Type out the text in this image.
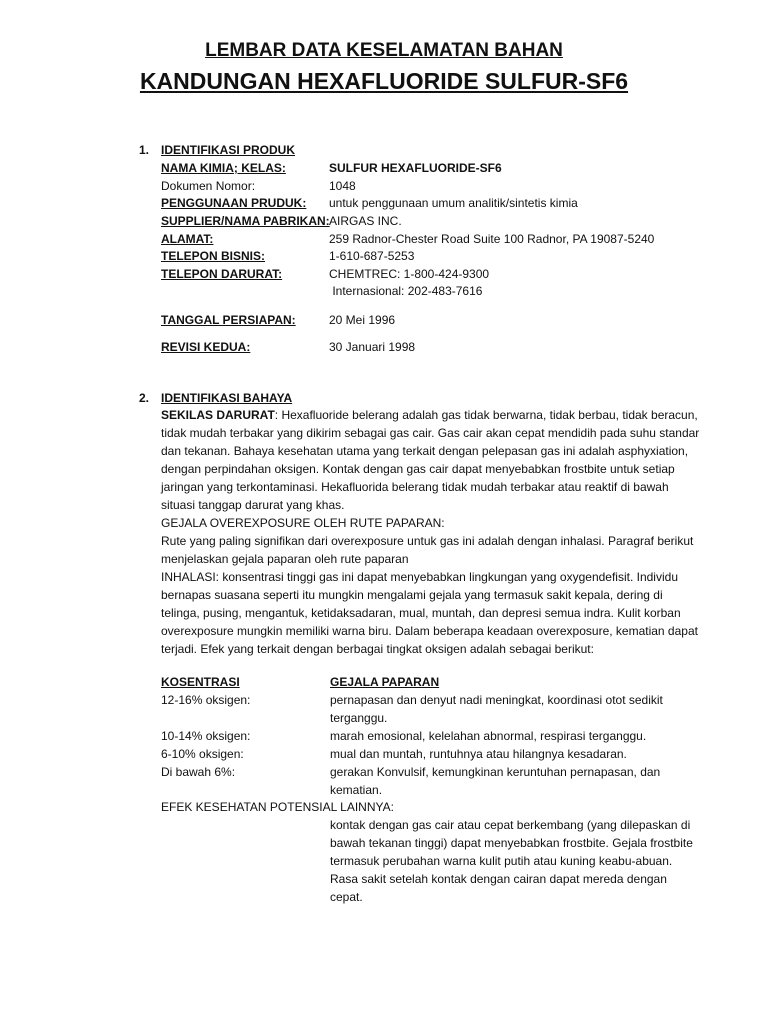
LEMBAR DATA KESELAMATAN BAHAN
KANDUNGAN HEXAFLUORIDE SULFUR-SF6
1. IDENTIFIKASI PRODUK
NAMA KIMIA; KELAS:	SULFUR HEXAFLUORIDE-SF6
Dokumen Nomor:	1048
PENGGUNAAN PRUDUK: untuk penggunaan umum analitik/sintetis kimia
SUPPLIER/NAMA PABRIKAN:AIRGAS INC.
ALAMAT:	259 Radnor-Chester Road Suite 100 Radnor, PA 19087-5240
TELEPON BISNIS:	1-610-687-5253
TELEPON DARURAT:	CHEMTREC: 1-800-424-9300
Internasional: 202-483-7616
TANGGAL PERSIAPAN:	20 Mei 1996
REVISI KEDUA:	30 Januari 1998
2. IDENTIFIKASI BAHAYA

SEKILAS DARURAT: Hexafluoride belerang adalah gas tidak berwarna, tidak berbau, tidak beracun, tidak mudah terbakar yang dikirim sebagai gas cair. Gas cair akan cepat mendidih pada suhu standar dan tekanan. Bahaya kesehatan utama yang terkait dengan pelepasan gas ini adalah asphyxiation, dengan perpindahan oksigen. Kontak dengan gas cair dapat menyebabkan frostbite untuk setiap jaringan yang terkontaminasi. Hekafluorida belerang tidak mudah terbakar atau reaktif di bawah situasi tanggap darurat yang khas.

GEJALA OVEREXPOSURE OLEH RUTE PAPARAN:

Rute yang paling signifikan dari overexposure untuk gas ini adalah dengan inhalasi. Paragraf berikut menjelaskan gejala paparan oleh rute paparan

INHALASI: konsentrasi tinggi gas ini dapat menyebabkan lingkungan yang oxygendefisit. Individu bernapas suasana seperti itu mungkin mengalami gejala yang termasuk sakit kepala, dering di telinga, pusing, mengantuk, ketidaksadaran, mual, muntah, dan depresi semua indra. Kulit korban overexposure mungkin memiliki warna biru. Dalam beberapa keadaan overexposure, kematian dapat terjadi. Efek yang terkait dengan berbagai tingkat oksigen adalah sebagai berikut:

KOSENTRASI	GEJALA PAPARAN
12-16% oksigen:	pernapasan dan denyut nadi meningkat, koordinasi otot sedikit terganggu.
10-14% oksigen:	marah emosional, kelelahan abnormal, respirasi terganggu.
6-10% oksigen:	mual dan muntah, runtuhnya atau hilangnya kesadaran.
Di bawah 6%:	gerakan Konvulsif, kemungkinan keruntuhan pernapasan, dan kematian.

EFEK KESEHATAN POTENSIAL LAINNYA:

kontak dengan gas cair atau cepat berkembang (yang dilepaskan di bawah tekanan tinggi) dapat menyebabkan frostbite. Gejala frostbite termasuk perubahan warna kulit putih atau kuning keabu-abuan. Rasa sakit setelah kontak dengan cairan dapat mereda dengan cepat.
